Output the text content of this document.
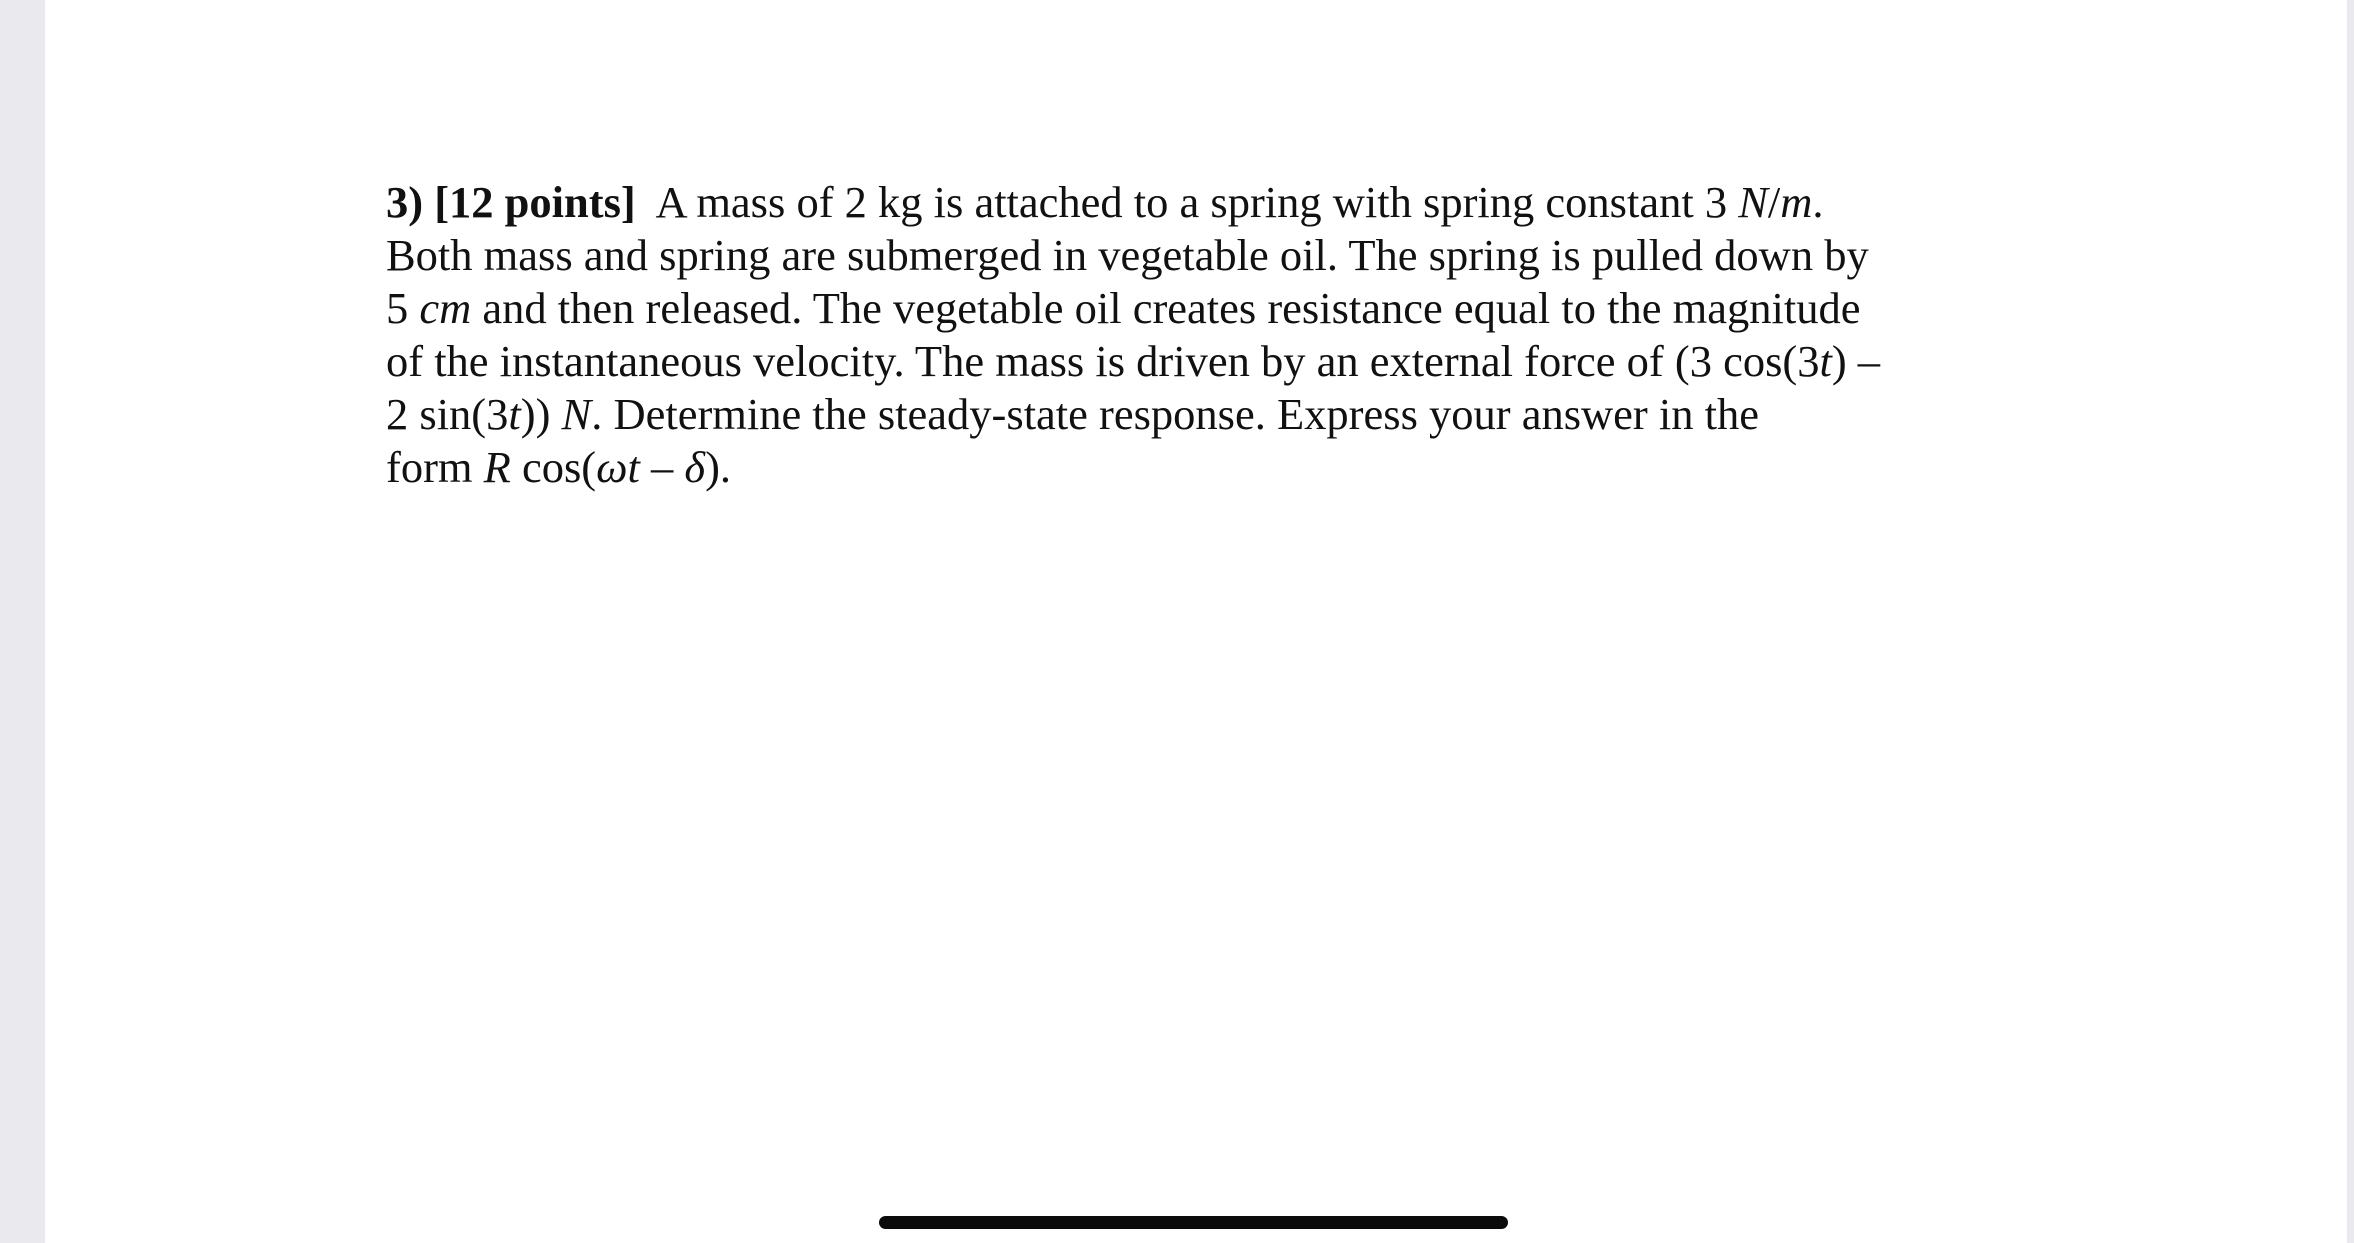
3) [12 points] A mass of 2 kg is attached to a spring with spring constant 3 N/m.
Both mass and spring are submerged in vegetable oil. The spring is pulled down by
5 cm and then released. The vegetable oil creates resistance equal to the magnitude
of the instantaneous velocity. The mass is driven by an external force of (3 cos(3t) –
2 sin(3t)) N. Determine the steady-state response. Express your answer in the
form R cos(ωt – δ).
